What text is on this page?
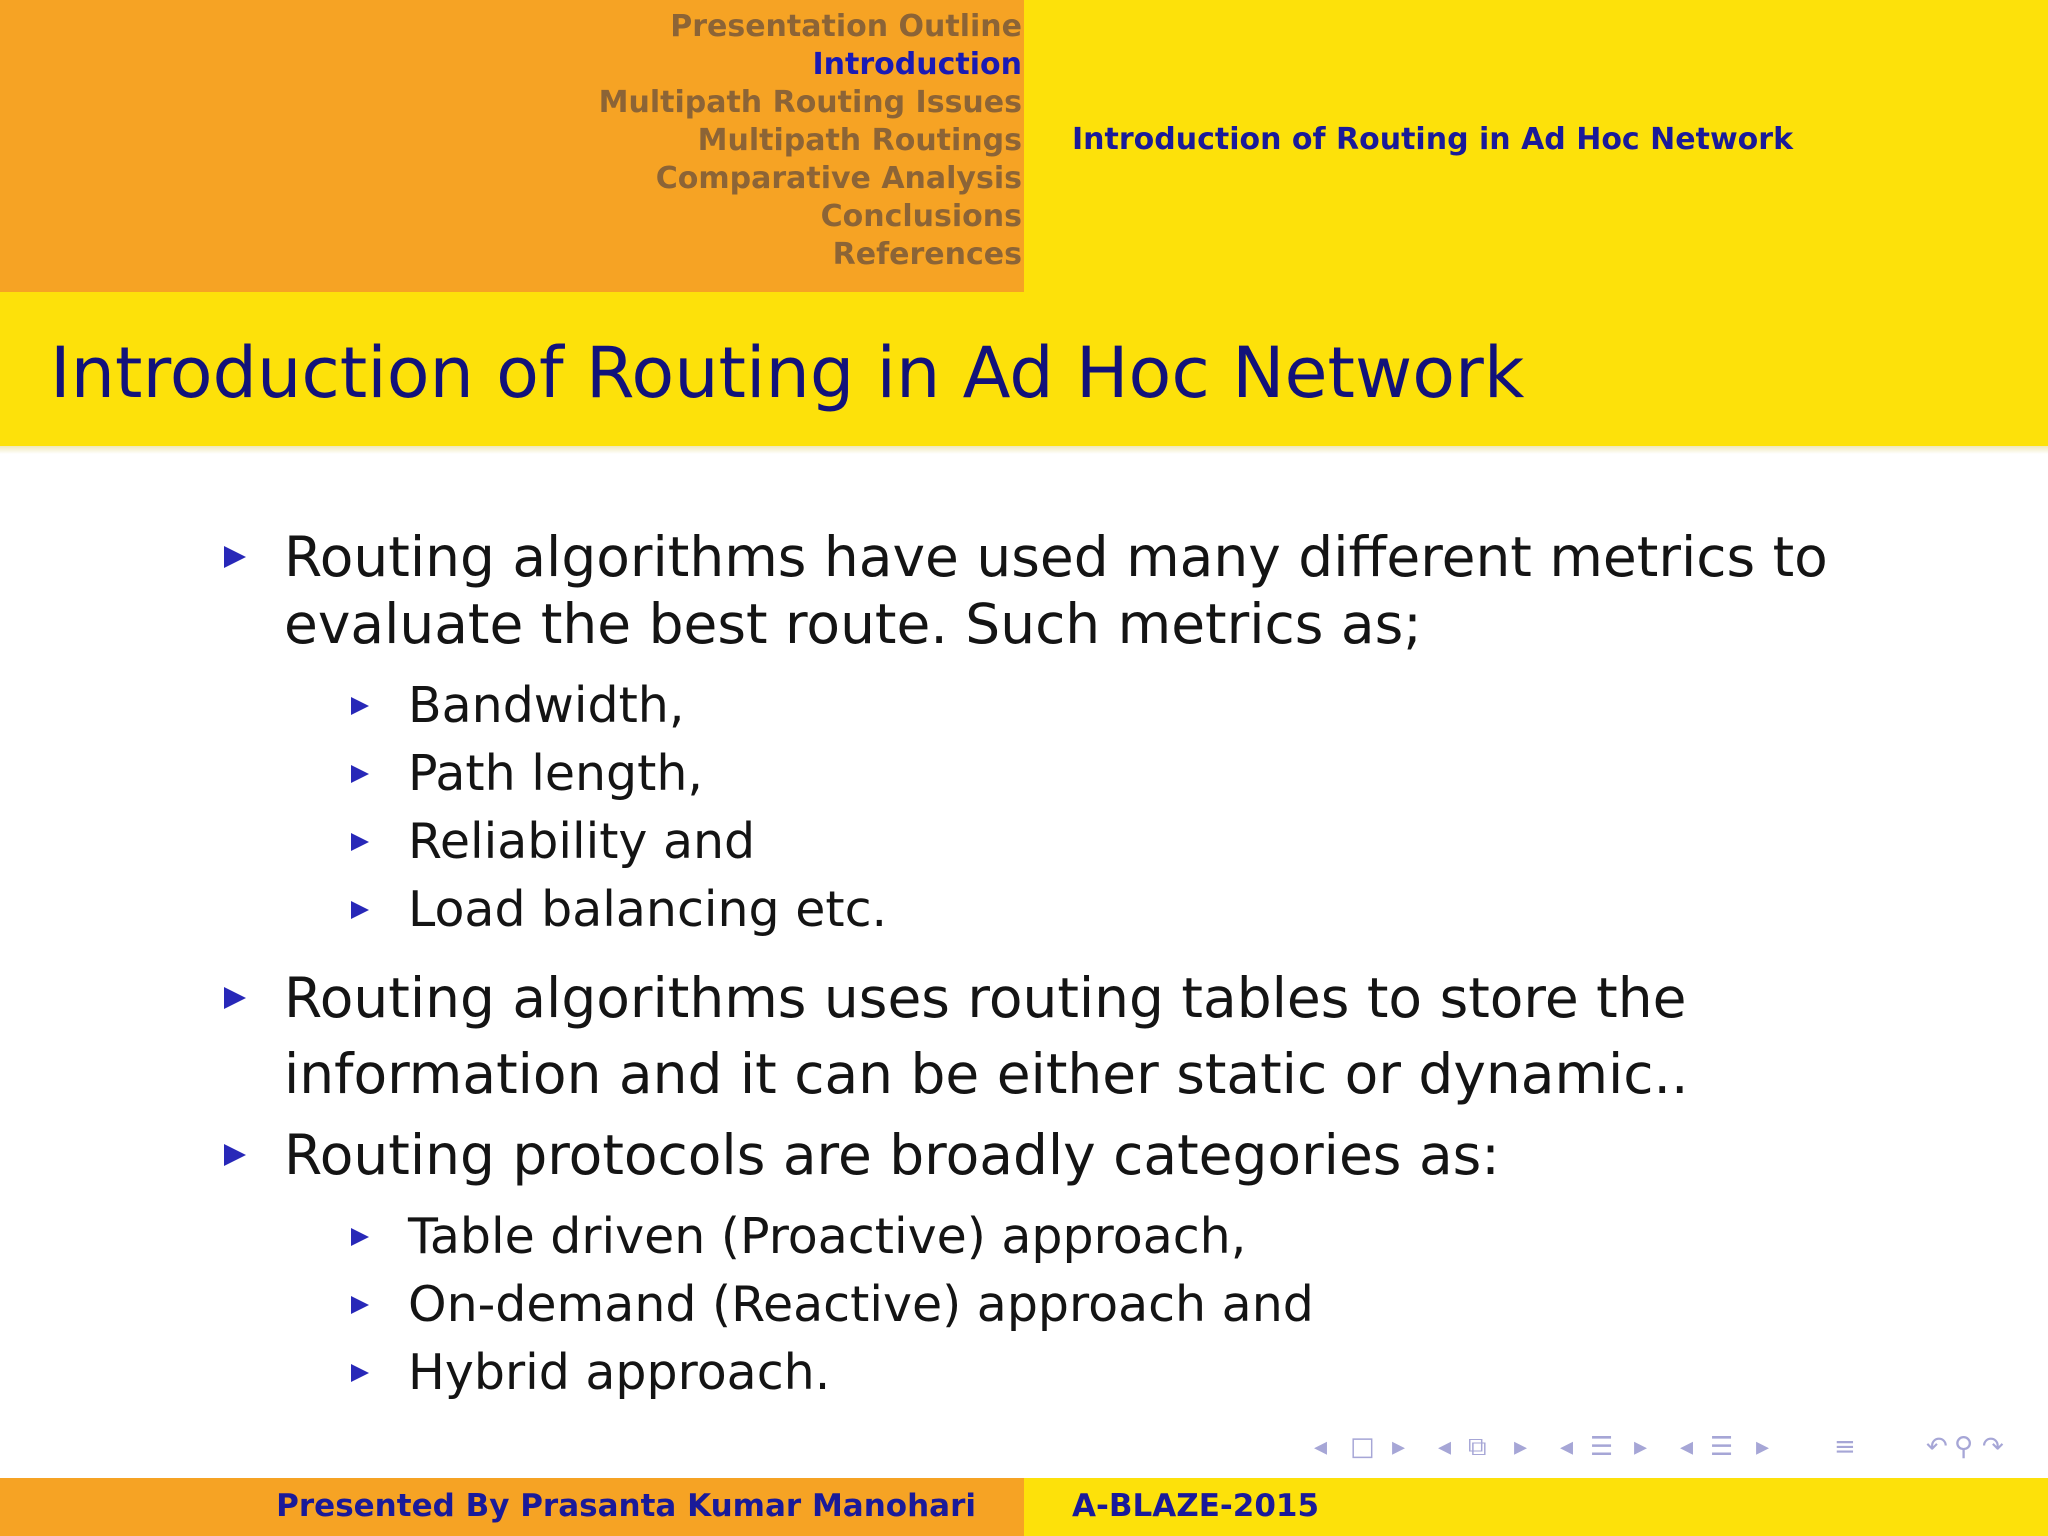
Presentation Outline
Introduction
Multipath Routing Issues
Multipath Routings
Comparative Analysis
Conclusions
References
Introduction of Routing in Ad Hoc Network
Introduction of Routing in Ad Hoc Network
Routing algorithms have used many different metrics to evaluate the best route. Such metrics as;
Bandwidth,
Path length,
Reliability and
Load balancing etc.
Routing algorithms uses routing tables to store the information and it can be either static or dynamic..
Routing protocols are broadly categories as:
Table driven (Proactive) approach,
On-demand (Reactive) approach and
Hybrid approach.
◂ □ ▸ ◂ ⧉ ▸ ◂ ☰ ▸ ◂ ☰ ▸ ≡	↶ ⚲ ↷
Presented By Prasanta Kumar Manohari	A-BLAZE-2015
